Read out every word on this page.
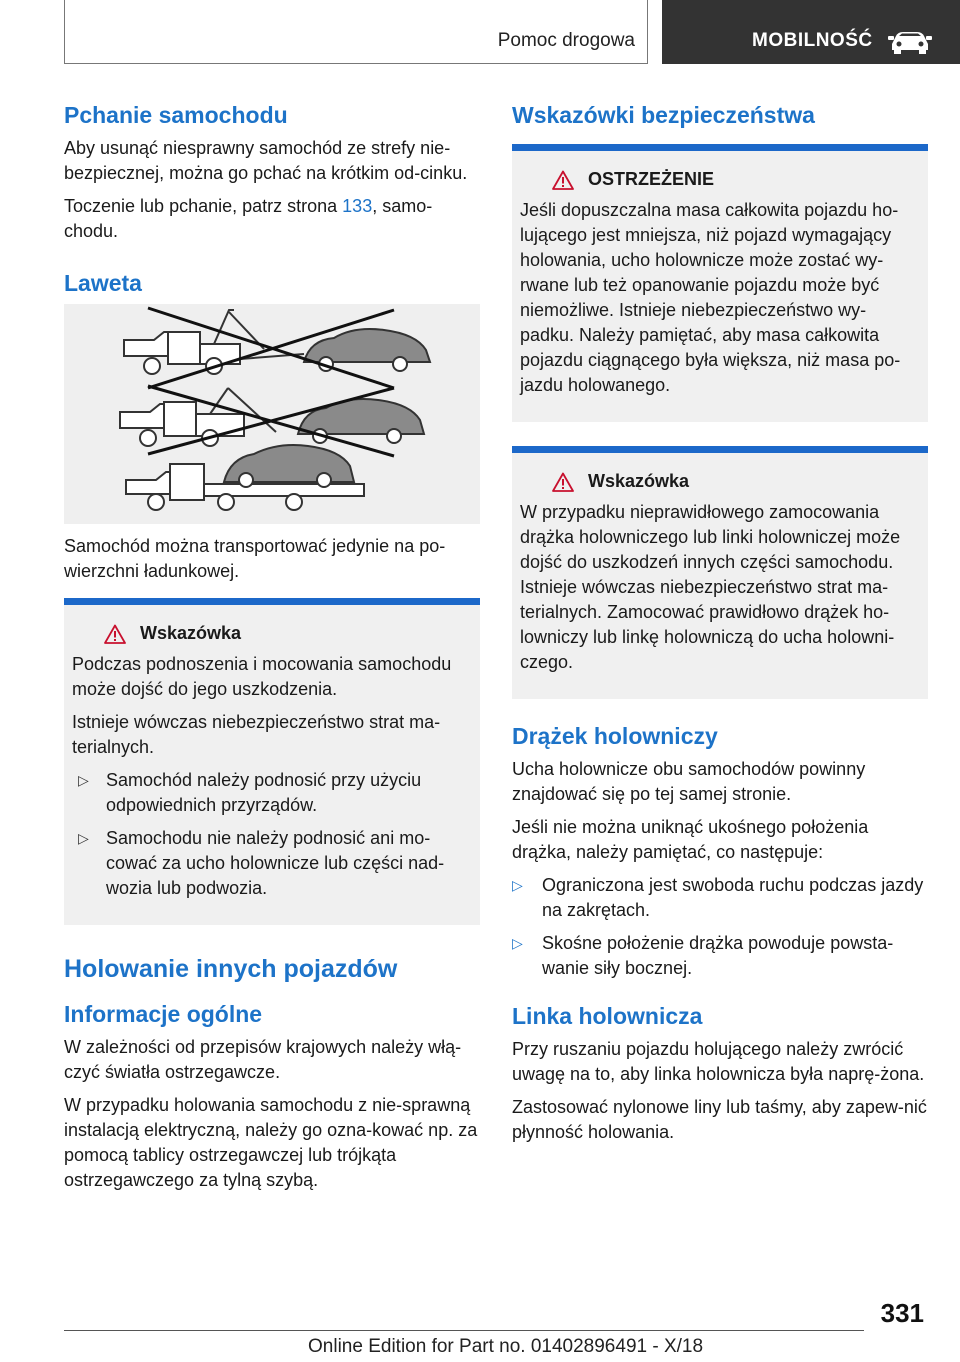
Pomoc drogowa	MOBILNOŚĆ
Pchanie samochodu

Aby usunąć niesprawny samochód ze strefy nie-bezpiecznej, można go pchać na krótkim od-cinku.

Toczenie lub pchanie, patrz strona 133, samo-chodu.

Laweta

Samochód można transportować jedynie na po-wierzchni ładunkowej.

Wskazówka

Podczas podnoszenia i mocowania samochodu może dojść do jego uszkodzenia.

Istnieje wówczas niebezpieczeństwo strat ma-terialnych.

▷ Samochód należy podnosić przy użyciu odpowiednich przyrządów.
▷ Samochodu nie należy podnosić ani mo-cować za ucho holownicze lub części nad-wozia lub podwozia.
Holowanie innych pojazdów
Informacje ogólne

W zależności od przepisów krajowych należy włą-czyć światła ostrzegawcze.

W przypadku holowania samochodu z nie-sprawną instalacją elektryczną, należy go ozna-kować np. za pomocą tablicy ostrzegawczej lub trójkąta ostrzegawczego za tylną szybą.

Wskazówki bezpieczeństwa
OSTRZEŻENIE

Jeśli dopuszczalna masa całkowita pojazdu ho-lującego jest mniejsza, niż pojazd wymagający holowania, ucho holownicze może zostać wy-rwane lub też opanowanie pojazdu może być niemożliwe. Istnieje niebezpieczeństwo wy-padku. Należy pamiętać, aby masa całkowita pojazdu ciągnącego była większa, niż masa po-jazdu holowanego.

Wskazówka

W przypadku nieprawidłowego zamocowania drążka holowniczego lub linki holowniczej może dojść do uszkodzeń innych części samochodu. Istnieje wówczas niebezpieczeństwo strat ma-terialnych. Zamocować prawidłowo drążek ho-lowniczy lub linkę holowniczą do ucha holowni-czego.

Drążek holowniczy

Ucha holownicze obu samochodów powinny znajdować się po tej samej stronie.

Jeśli nie można uniknąć ukośnego położenia drążka, należy pamiętać, co następuje:

▷	Ograniczona jest swoboda ruchu podczas jazdy na zakrętach.
▷	Skośne położenie drążka powoduje powsta-wanie siły bocznej.
Linka holownicza

Przy ruszaniu pojazdu holującego należy zwrócić uwagę na to, aby linka holownicza była naprę-żona.

Zastosować nylonowe liny lub taśmy, aby zapew-nić płynność holowania.

331
Online Edition for Part no. 01402896491 - X/18
